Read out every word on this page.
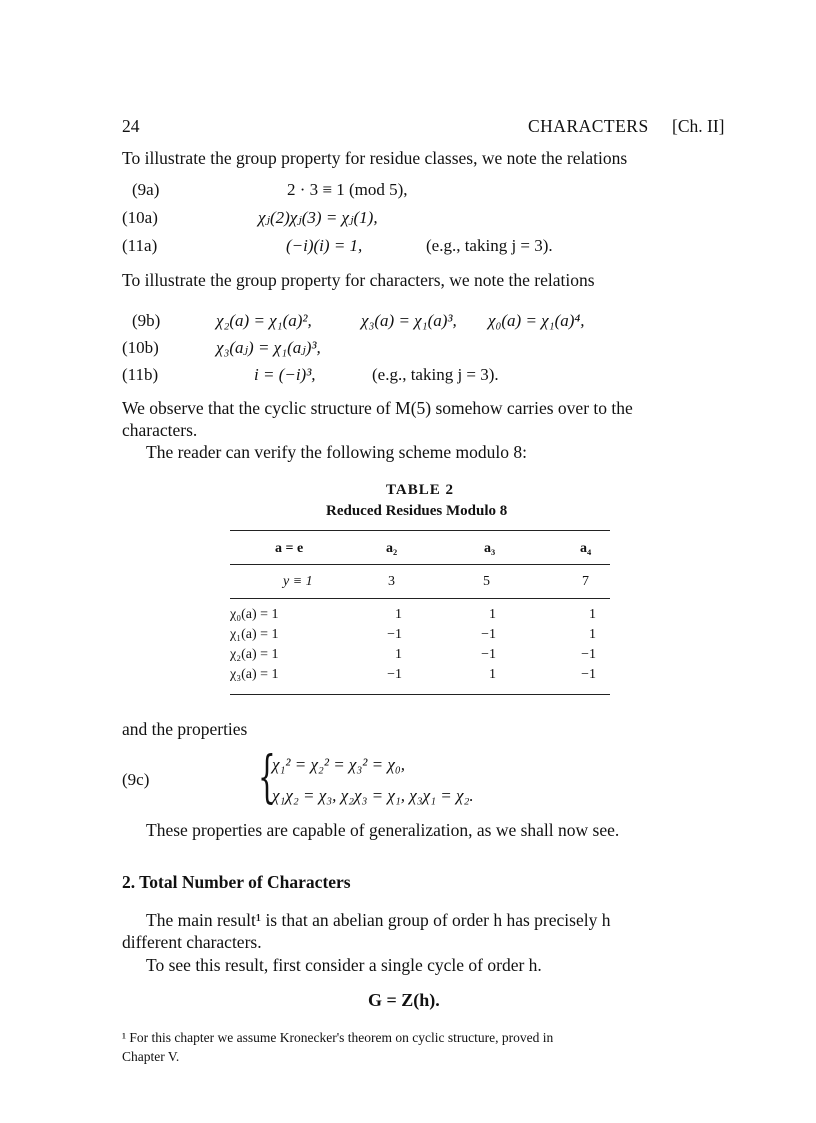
24	CHARACTERS [Ch. II]
To illustrate the group property for residue classes, we note the relations
(9a)	2 · 3 ≡ 1 (mod 5),
(10a)	χⱼ(2)χⱼ(3) = χⱼ(1),
(11a)	(−i)(i) = 1,	(e.g., taking j = 3).
To illustrate the group property for characters, we note the relations
(9b)	χ₂(a) = χ₁(a)²,	χ₃(a) = χ₁(a)³, χ₀(a) = χ₁(a)⁴,
(10b)	χ₃(aⱼ) = χ₁(aⱼ)³,
(11b)	i = (−i)³,	(e.g., taking j = 3).
We observe that the cyclic structure of M(5) somehow carries over to the
characters.
The reader can verify the following scheme modulo 8:
TABLE 2
Reduced Residues Modulo 8
a = e	a₂	a₃	a₄
y ≡ 1	3	5	7
χ₀(a) = 1	1	1	1
χ₁(a) = 1	−1	−1	1
χ₂(a) = 1	1	−1	−1
χ₃(a) = 1	−1	1	−1
and the properties
(9c) {
χ₁² = χ₂² = χ₃² = χ₀,
χ₁χ₂ = χ₃, χ₂χ₃ = χ₁, χ₃χ₁ = χ₂.
These properties are capable of generalization, as we shall now see.
2. Total Number of Characters
The main result¹ is that an abelian group of order h has precisely h
different characters.
To see this result, first consider a single cycle of order h.
G = Z(h).
¹ For this chapter we assume Kronecker's theorem on cyclic structure, proved in
Chapter V.
